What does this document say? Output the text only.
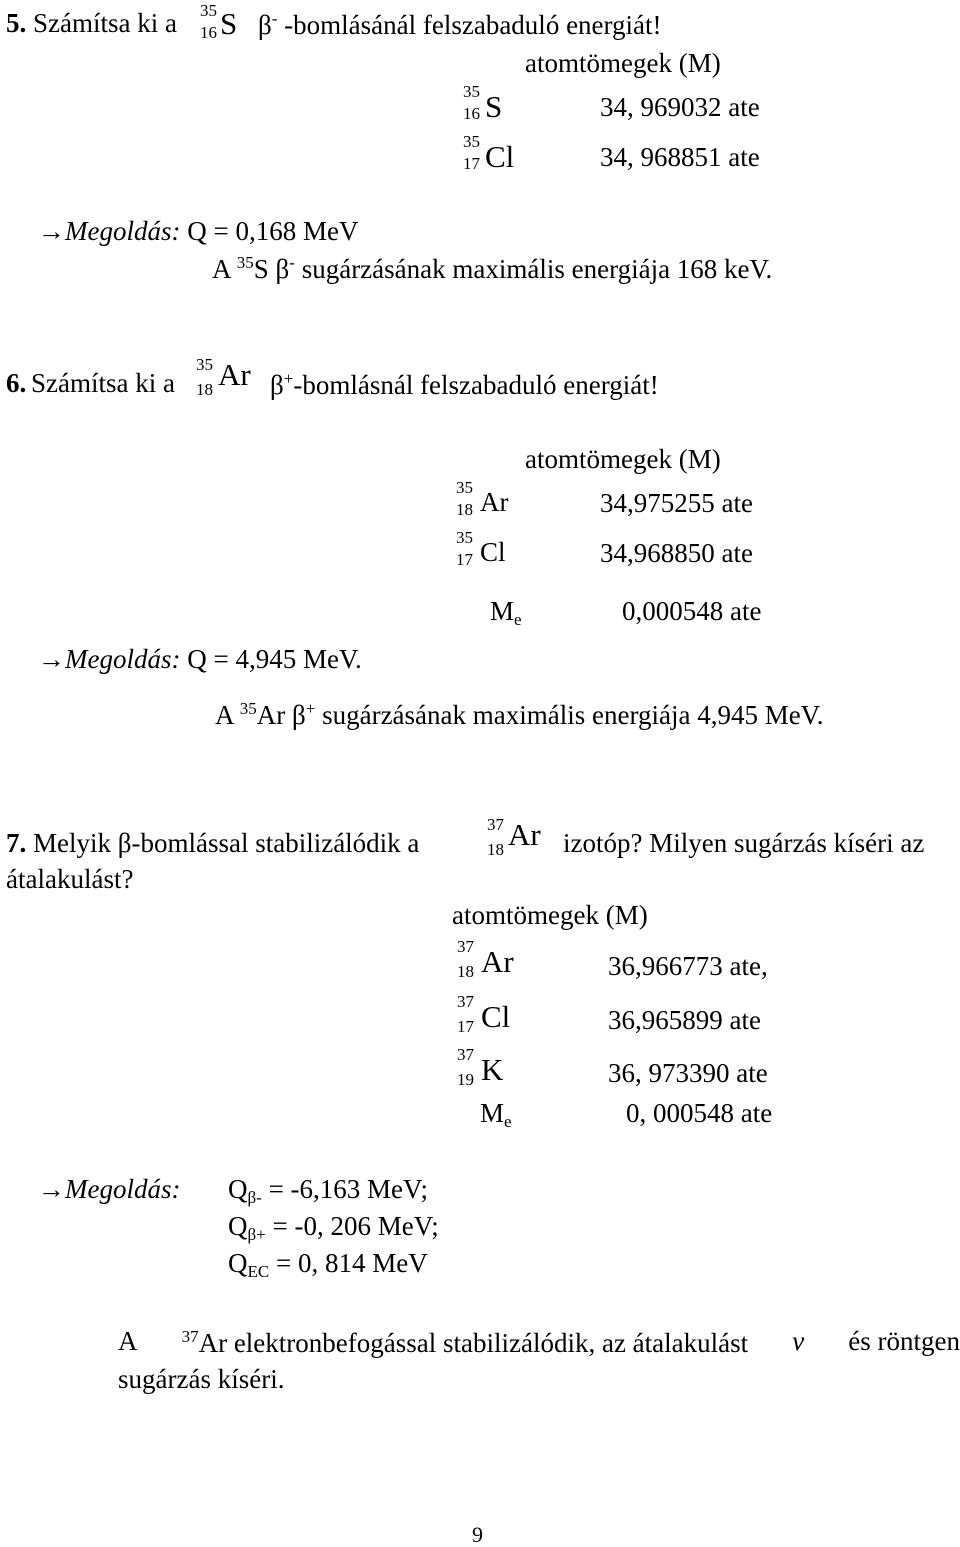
5. Számítsa ki a 35
16 S β- -bomlásánál felszabaduló energiát!
atomtömegek (M)
35
16 S	34, 969032 ate
35
17 Cl	34, 968851 ate
→Megoldás: Q = 0,168 MeV
A $^{35}$S β- sugárzásának maximális energiája 168 keV.
6. Számítsa ki a
35
18 Ar β+-bomlásnál felszabaduló energiát!
atomtömegek (M)
35
18 Ar	34,975255 ate
35
17 Cl	34,968850 ate
$M_e$	0,000548 ate
→Megoldás: Q = 4,945 MeV.
A $^{35}$Ar β+ sugárzásának maximális energiája 4,945 MeV.
7. Melyik β-bomlással stabilizálódik a
37
18 Ar izotóp? Milyen sugárzás kíséri az
átalakulást?
atomtömegek (M)
37
18 Ar	36,966773 ate,
37
17 Cl	36,965899 ate
37
19 K	36, 973390 ate
$M_e$	0, 000548 ate
→Megoldás: $Q_{\beta-} = -6,163$ MeV;
$Q_{\beta+} = -0$, 206 MeV;
$Q_{EC} = 0$, 814 MeV
A	$^{37}$Ar elektronbefogással stabilizálódik, az átalakulást ν és röntgen
sugárzás kíséri.
9
